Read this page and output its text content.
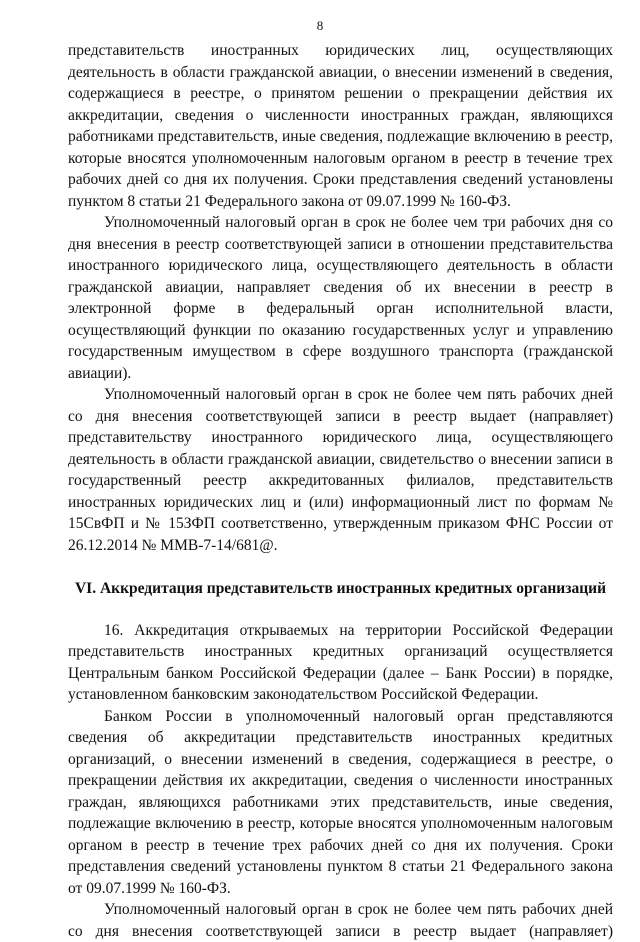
8

представительств иностранных юридических лиц, осуществляющих деятельность в области гражданской авиации, о внесении изменений в сведения, содержащиеся в реестре, о принятом решении о прекращении действия их аккредитации, сведения о численности иностранных граждан, являющихся работниками представительств, иные сведения, подлежащие включению в реестр, которые вносятся уполномоченным налоговым органом в реестр в течение трех рабочих дней со дня их получения. Сроки представления сведений установлены пунктом 8 статьи 21 Федерального закона от 09.07.1999 № 160-ФЗ.

Уполномоченный налоговый орган в срок не более чем три рабочих дня со дня внесения в реестр соответствующей записи в отношении представительства иностранного юридического лица, осуществляющего деятельность в области гражданской авиации, направляет сведения об их внесении в реестр в электронной форме в федеральный орган исполнительной власти, осуществляющий функции по оказанию государственных услуг и управлению государственным имуществом в сфере воздушного транспорта (гражданской авиации).

Уполномоченный налоговый орган в срок не более чем пять рабочих дней со дня внесения соответствующей записи в реестр выдает (направляет) представительству иностранного юридического лица, осуществляющего деятельность в области гражданской авиации, свидетельство о внесении записи в государственный реестр аккредитованных филиалов, представительств иностранных юридических лиц и (или) информационный лист по формам № 15СвФП и № 15ЗФП соответственно, утвержденным приказом ФНС России от 26.12.2014 № ММВ-7-14/681@.

VI. Аккредитация представительств иностранных кредитных организаций

16. Аккредитация открываемых на территории Российской Федерации представительств иностранных кредитных организаций осуществляется Центральным банком Российской Федерации (далее – Банк России) в порядке, установленном банковским законодательством Российской Федерации.

Банком России в уполномоченный налоговый орган представляются сведения об аккредитации представительств иностранных кредитных организаций, о внесении изменений в сведения, содержащиеся в реестре, о прекращении действия их аккредитации, сведения о численности иностранных граждан, являющихся работниками этих представительств, иные сведения, подлежащие включению в реестр, которые вносятся уполномоченным налоговым органом в реестр в течение трех рабочих дней со дня их получения. Сроки представления сведений установлены пунктом 8 статьи 21 Федерального закона от 09.07.1999 № 160-ФЗ.

Уполномоченный налоговый орган в срок не более чем пять рабочих дней со дня внесения соответствующей записи в реестр выдает (направляет)
